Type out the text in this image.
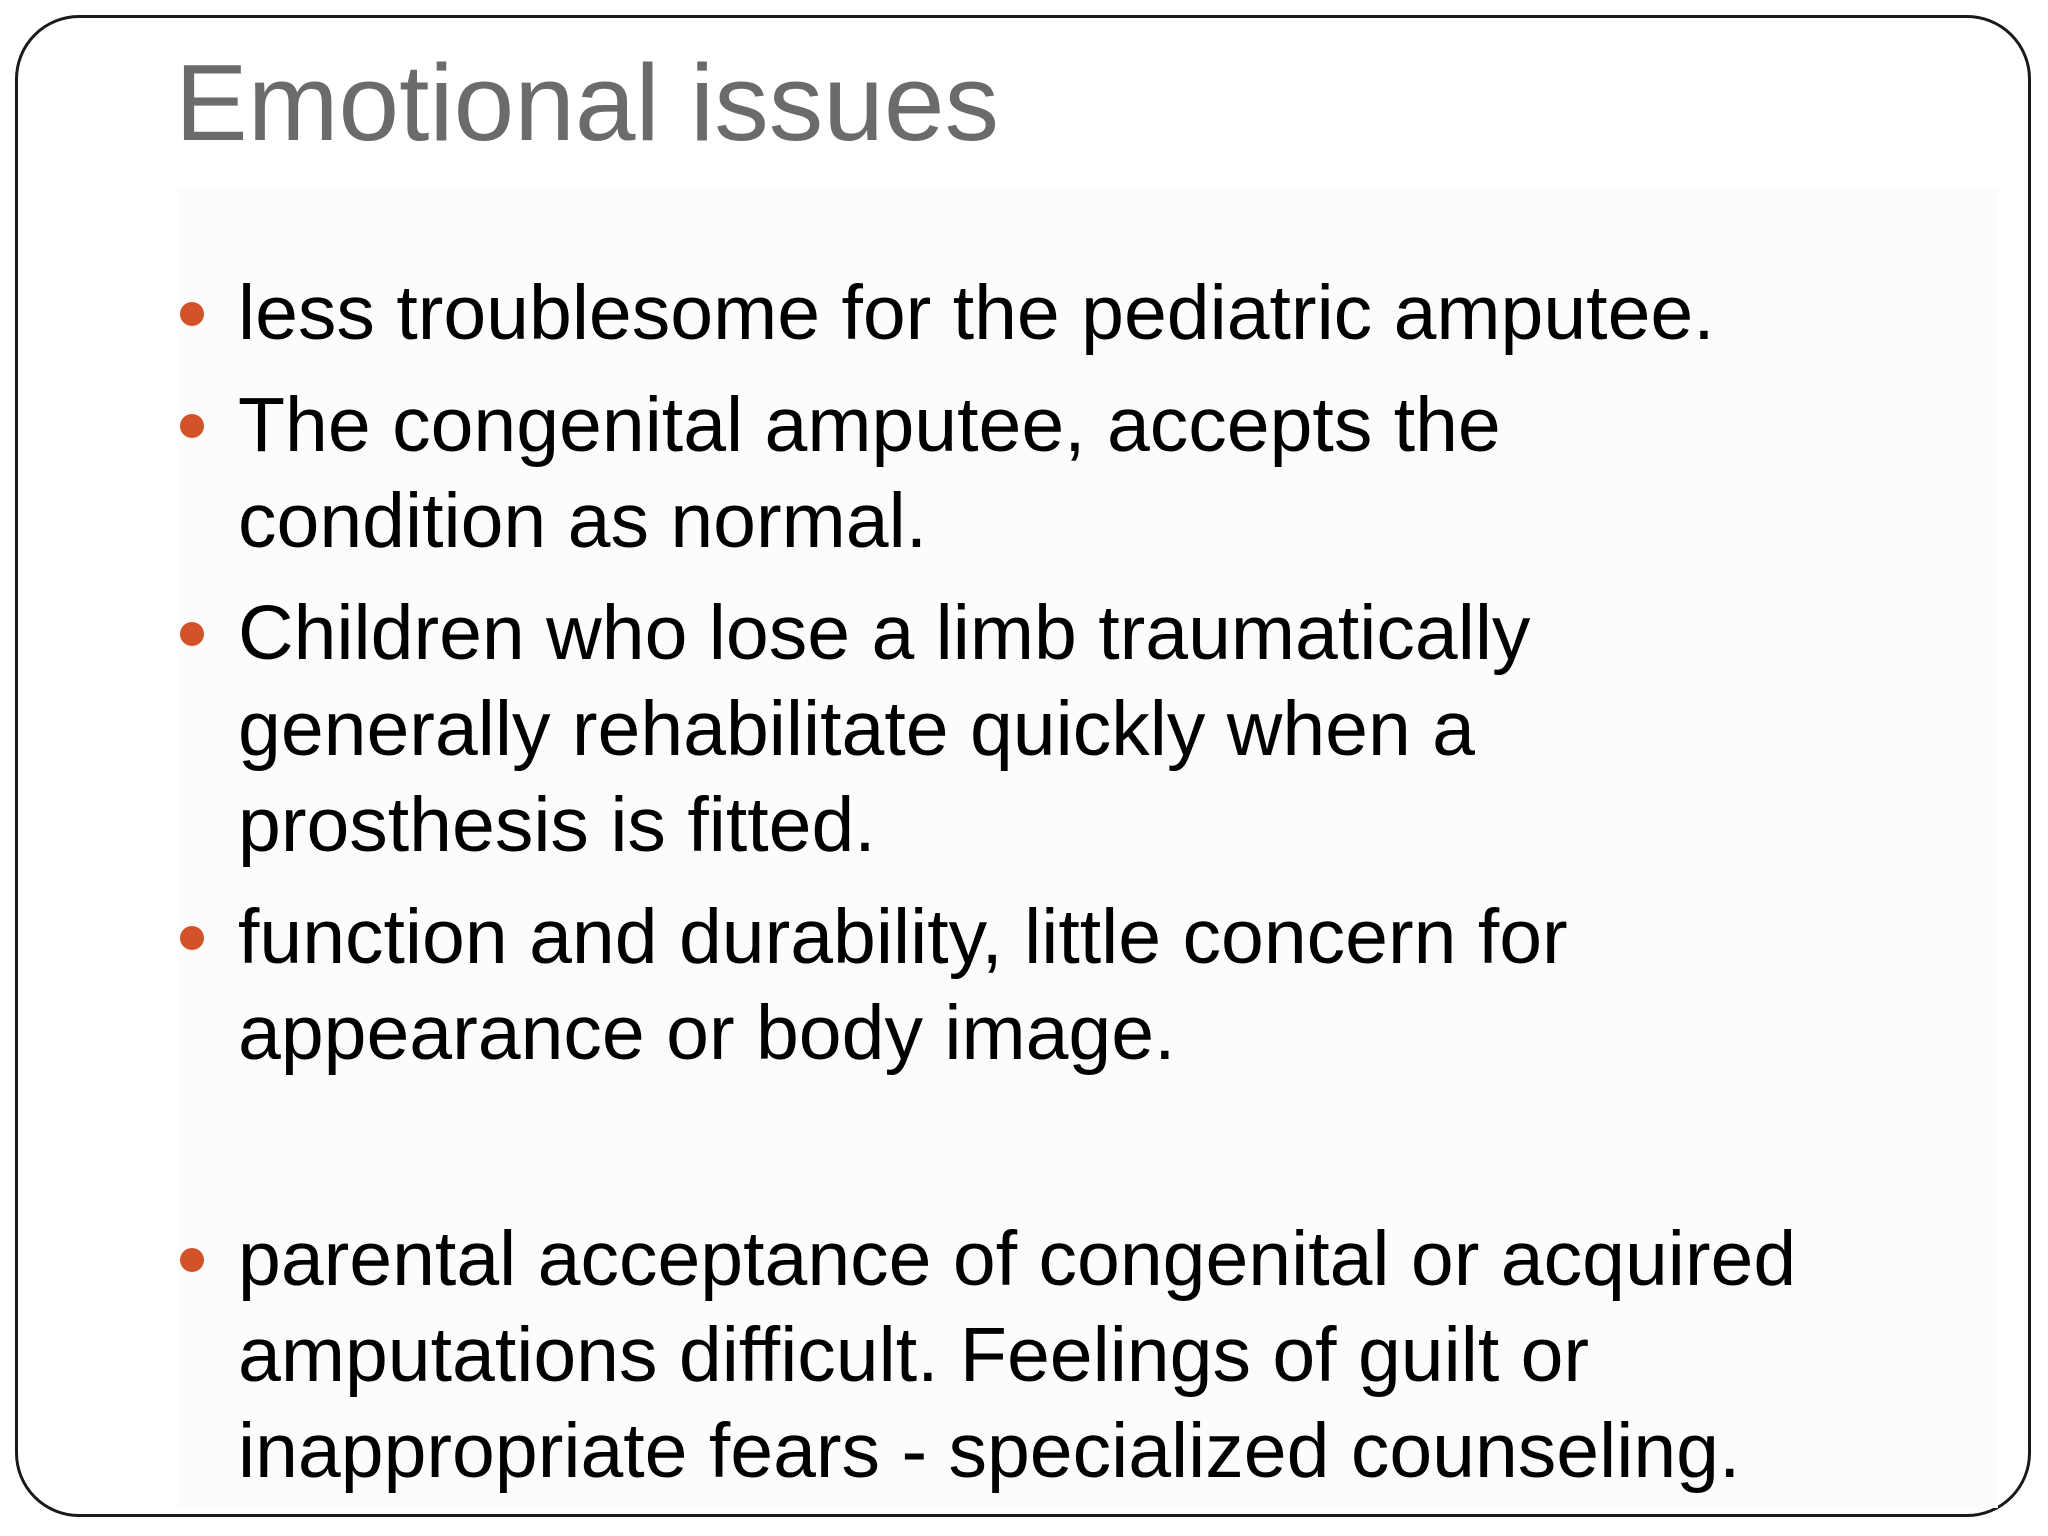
Emotional issues
less troublesome for the pediatric amputee.
The congenital amputee, accepts the condition as normal.
Children who lose a limb traumatically generally rehabilitate quickly when a prosthesis is fitted.
function and durability, little concern for appearance or body image.
parental acceptance of congenital or acquired amputations difficult. Feelings of guilt or inappropriate fears - specialized counseling.
